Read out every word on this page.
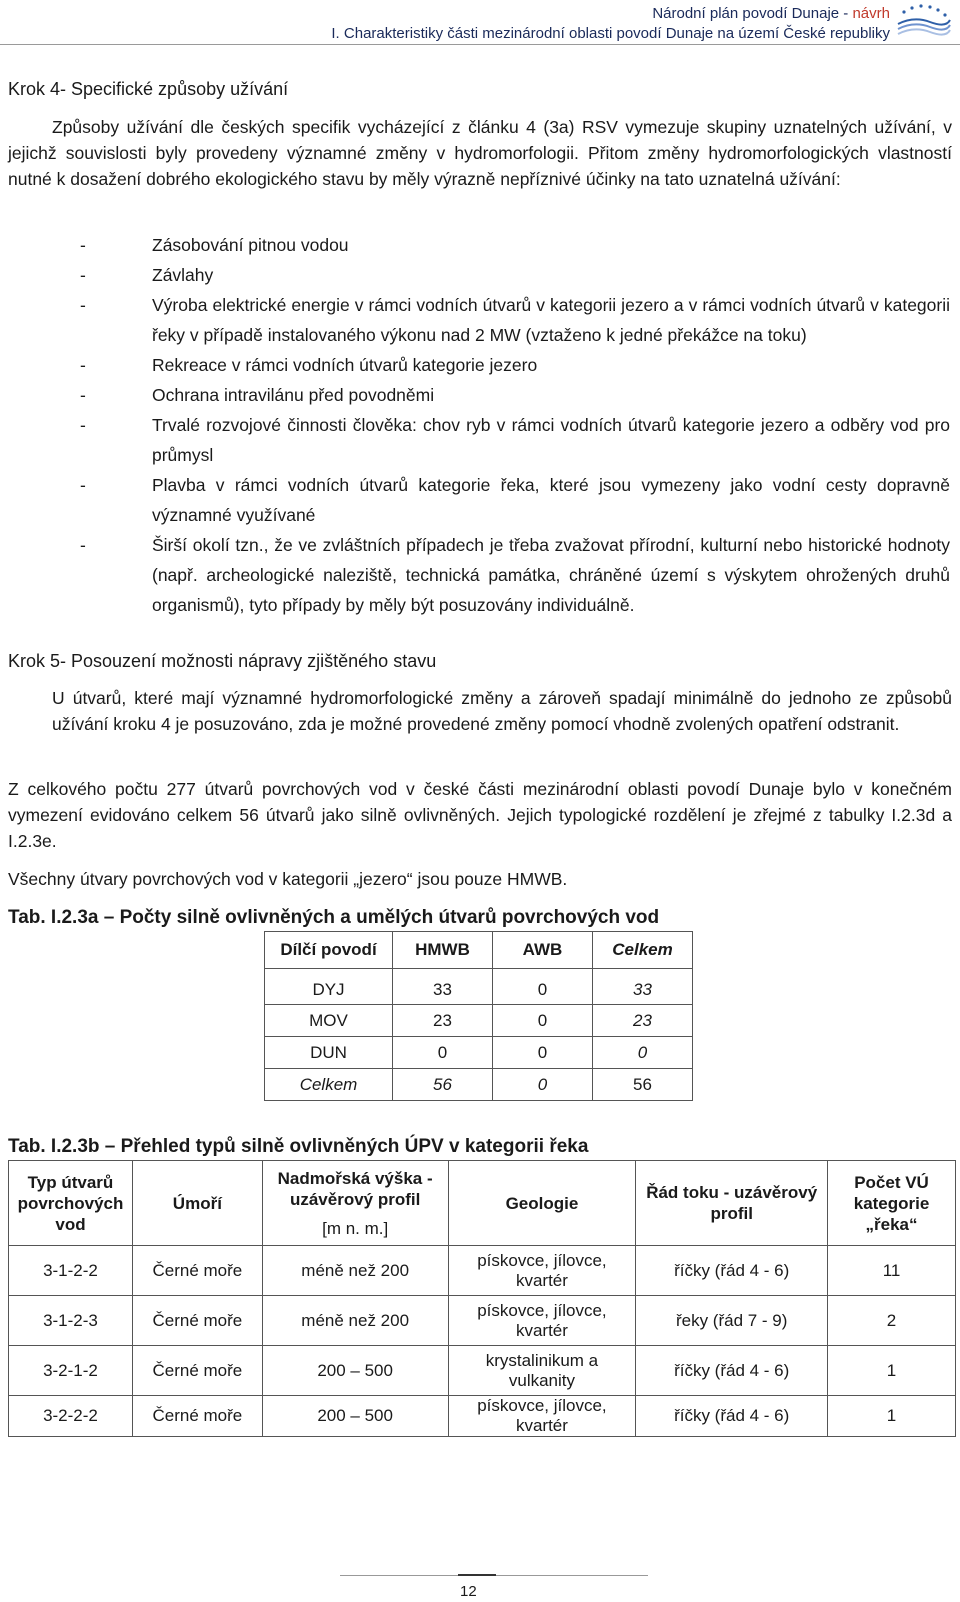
Národní plán povodí Dunaje - návrh
I. Charakteristiky části mezinárodní oblasti povodí Dunaje na území České republiky
Krok 4- Specifické způsoby užívání
Způsoby užívání dle českých specifik vycházející z článku 4 (3a) RSV vymezuje skupiny uznatelných užívání, v jejichž souvislosti byly provedeny významné změny v hydromorfologii. Přitom změny hydromorfologických vlastností nutné k dosažení dobrého ekologického stavu by měly výrazně nepříznivé účinky na tato uznatelná užívání:
-	Zásobování pitnou vodou
-	Závlahy
-	Výroba elektrické energie v rámci vodních útvarů v kategorii jezero a v rámci vodních útvarů v kategorii řeky v případě instalovaného výkonu nad 2 MW (vztaženo k jedné překážce na toku)
-	Rekreace v rámci vodních útvarů kategorie jezero
-	Ochrana intravilánu před povodněmi
-	Trvalé rozvojové činnosti člověka: chov ryb v rámci vodních útvarů kategorie jezero a odběry vod pro průmysl
-	Plavba v rámci vodních útvarů kategorie řeka, které jsou vymezeny jako vodní cesty dopravně významné využívané
-	Širší okolí tzn., že ve zvláštních případech je třeba zvažovat přírodní, kulturní nebo historické hodnoty (např. archeologické naleziště, technická památka, chráněné území s výskytem ohrožených druhů organismů), tyto případy by měly být posuzovány individuálně.
Krok 5- Posouzení možnosti nápravy zjištěného stavu
U útvarů, které mají významné hydromorfologické změny a zároveň spadají minimálně do jednoho ze způsobů užívání kroku 4 je posuzováno, zda je možné provedené změny pomocí vhodně zvolených opatření odstranit.
Z celkového počtu 277 útvarů povrchových vod v české části mezinárodní oblasti povodí Dunaje bylo v konečném vymezení evidováno celkem 56 útvarů jako silně ovlivněných. Jejich typologické rozdělení je zřejmé z tabulky I.2.3d a I.2.3e.
Všechny útvary povrchových vod v kategorii „jezero“ jsou pouze HMWB.
Tab. I.2.3a – Počty silně ovlivněných a umělých útvarů povrchových vod
Dílčí povodí	HMWB	AWB	Celkem
DYJ	33	0	33
MOV	23	0	23
DUN	0	0	0
Celkem	56	0	56
Tab. I.2.3b – Přehled typů silně ovlivněných ÚPV v kategorii řeka
Typ útvarů povrchových vod	Úmoří	Nadmořská výška - uzávěrový profil
[m n. m.]	Geologie	Řád toku - uzávěrový profil	Počet VÚ kategorie „řeka“
3-1-2-2	Černé moře	méně než 200	pískovce, jílovce, kvartér	říčky (řád 4 - 6)	11
3-1-2-3	Černé moře	méně než 200	pískovce, jílovce, kvartér	řeky (řád 7 - 9)	2
3-2-1-2	Černé moře	200 – 500	krystalinikum a vulkanity	říčky (řád 4 - 6)	1
3-2-2-2	Černé moře	200 – 500	pískovce, jílovce, kvartér	říčky (řád 4 - 6)	1
12
